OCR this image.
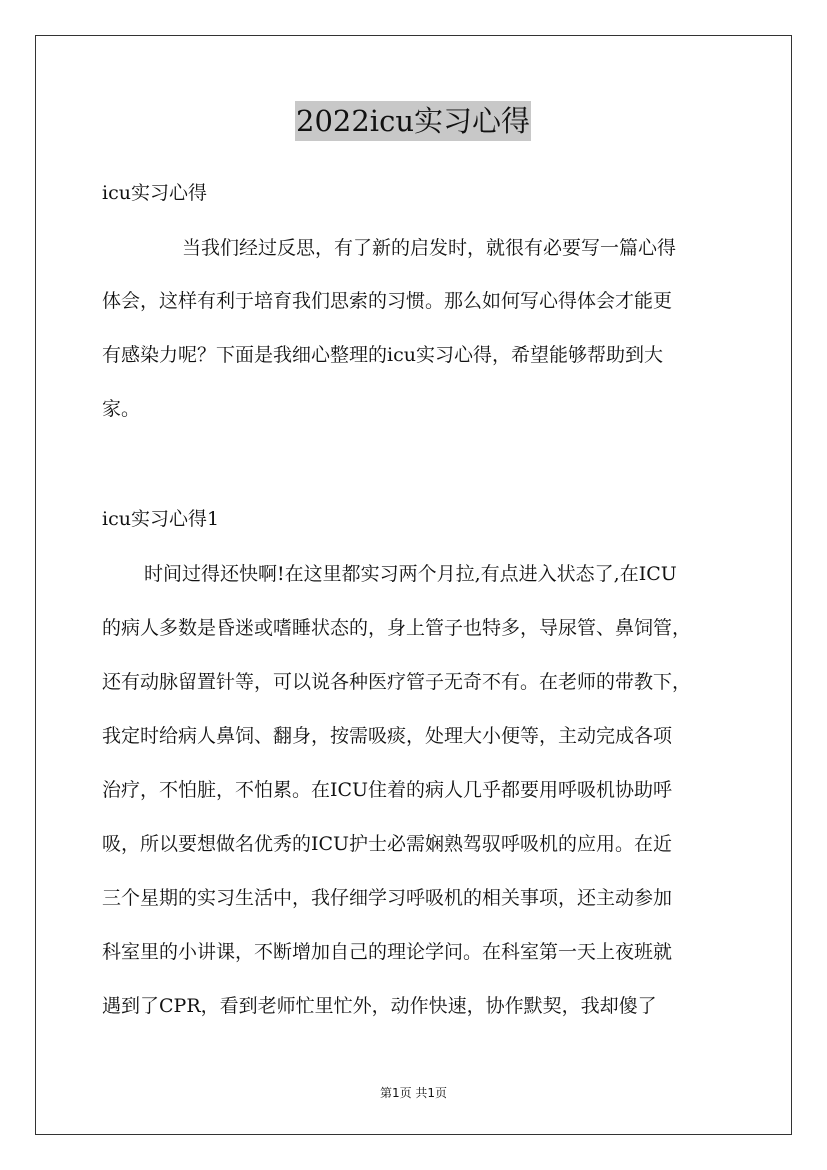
2022icu实习心得
icu实习心得
当我们经过反思，有了新的启发时，就很有必要写一篇心得
体会，这样有利于培育我们思索的习惯。那么如何写心得体会才能更
有感染力呢？下面是我细心整理的icu实习心得，希望能够帮助到大
家。
icu实习心得1
时间过得还快啊!在这里都实习两个月拉,有点进入状态了,在ICU
的病人多数是昏迷或嗜睡状态的，身上管子也特多，导尿管、鼻饲管，
还有动脉留置针等，可以说各种医疗管子无奇不有。在老师的带教下，
我定时给病人鼻饲、翻身，按需吸痰，处理大小便等，主动完成各项
治疗，不怕脏，不怕累。在ICU住着的病人几乎都要用呼吸机协助呼
吸，所以要想做名优秀的ICU护士必需娴熟驾驭呼吸机的应用。在近
三个星期的实习生活中，我仔细学习呼吸机的相关事项，还主动参加
科室里的小讲课，不断增加自己的理论学问。在科室第一天上夜班就
遇到了CPR，看到老师忙里忙外，动作快速，协作默契，我却傻了
第1页 共1页
